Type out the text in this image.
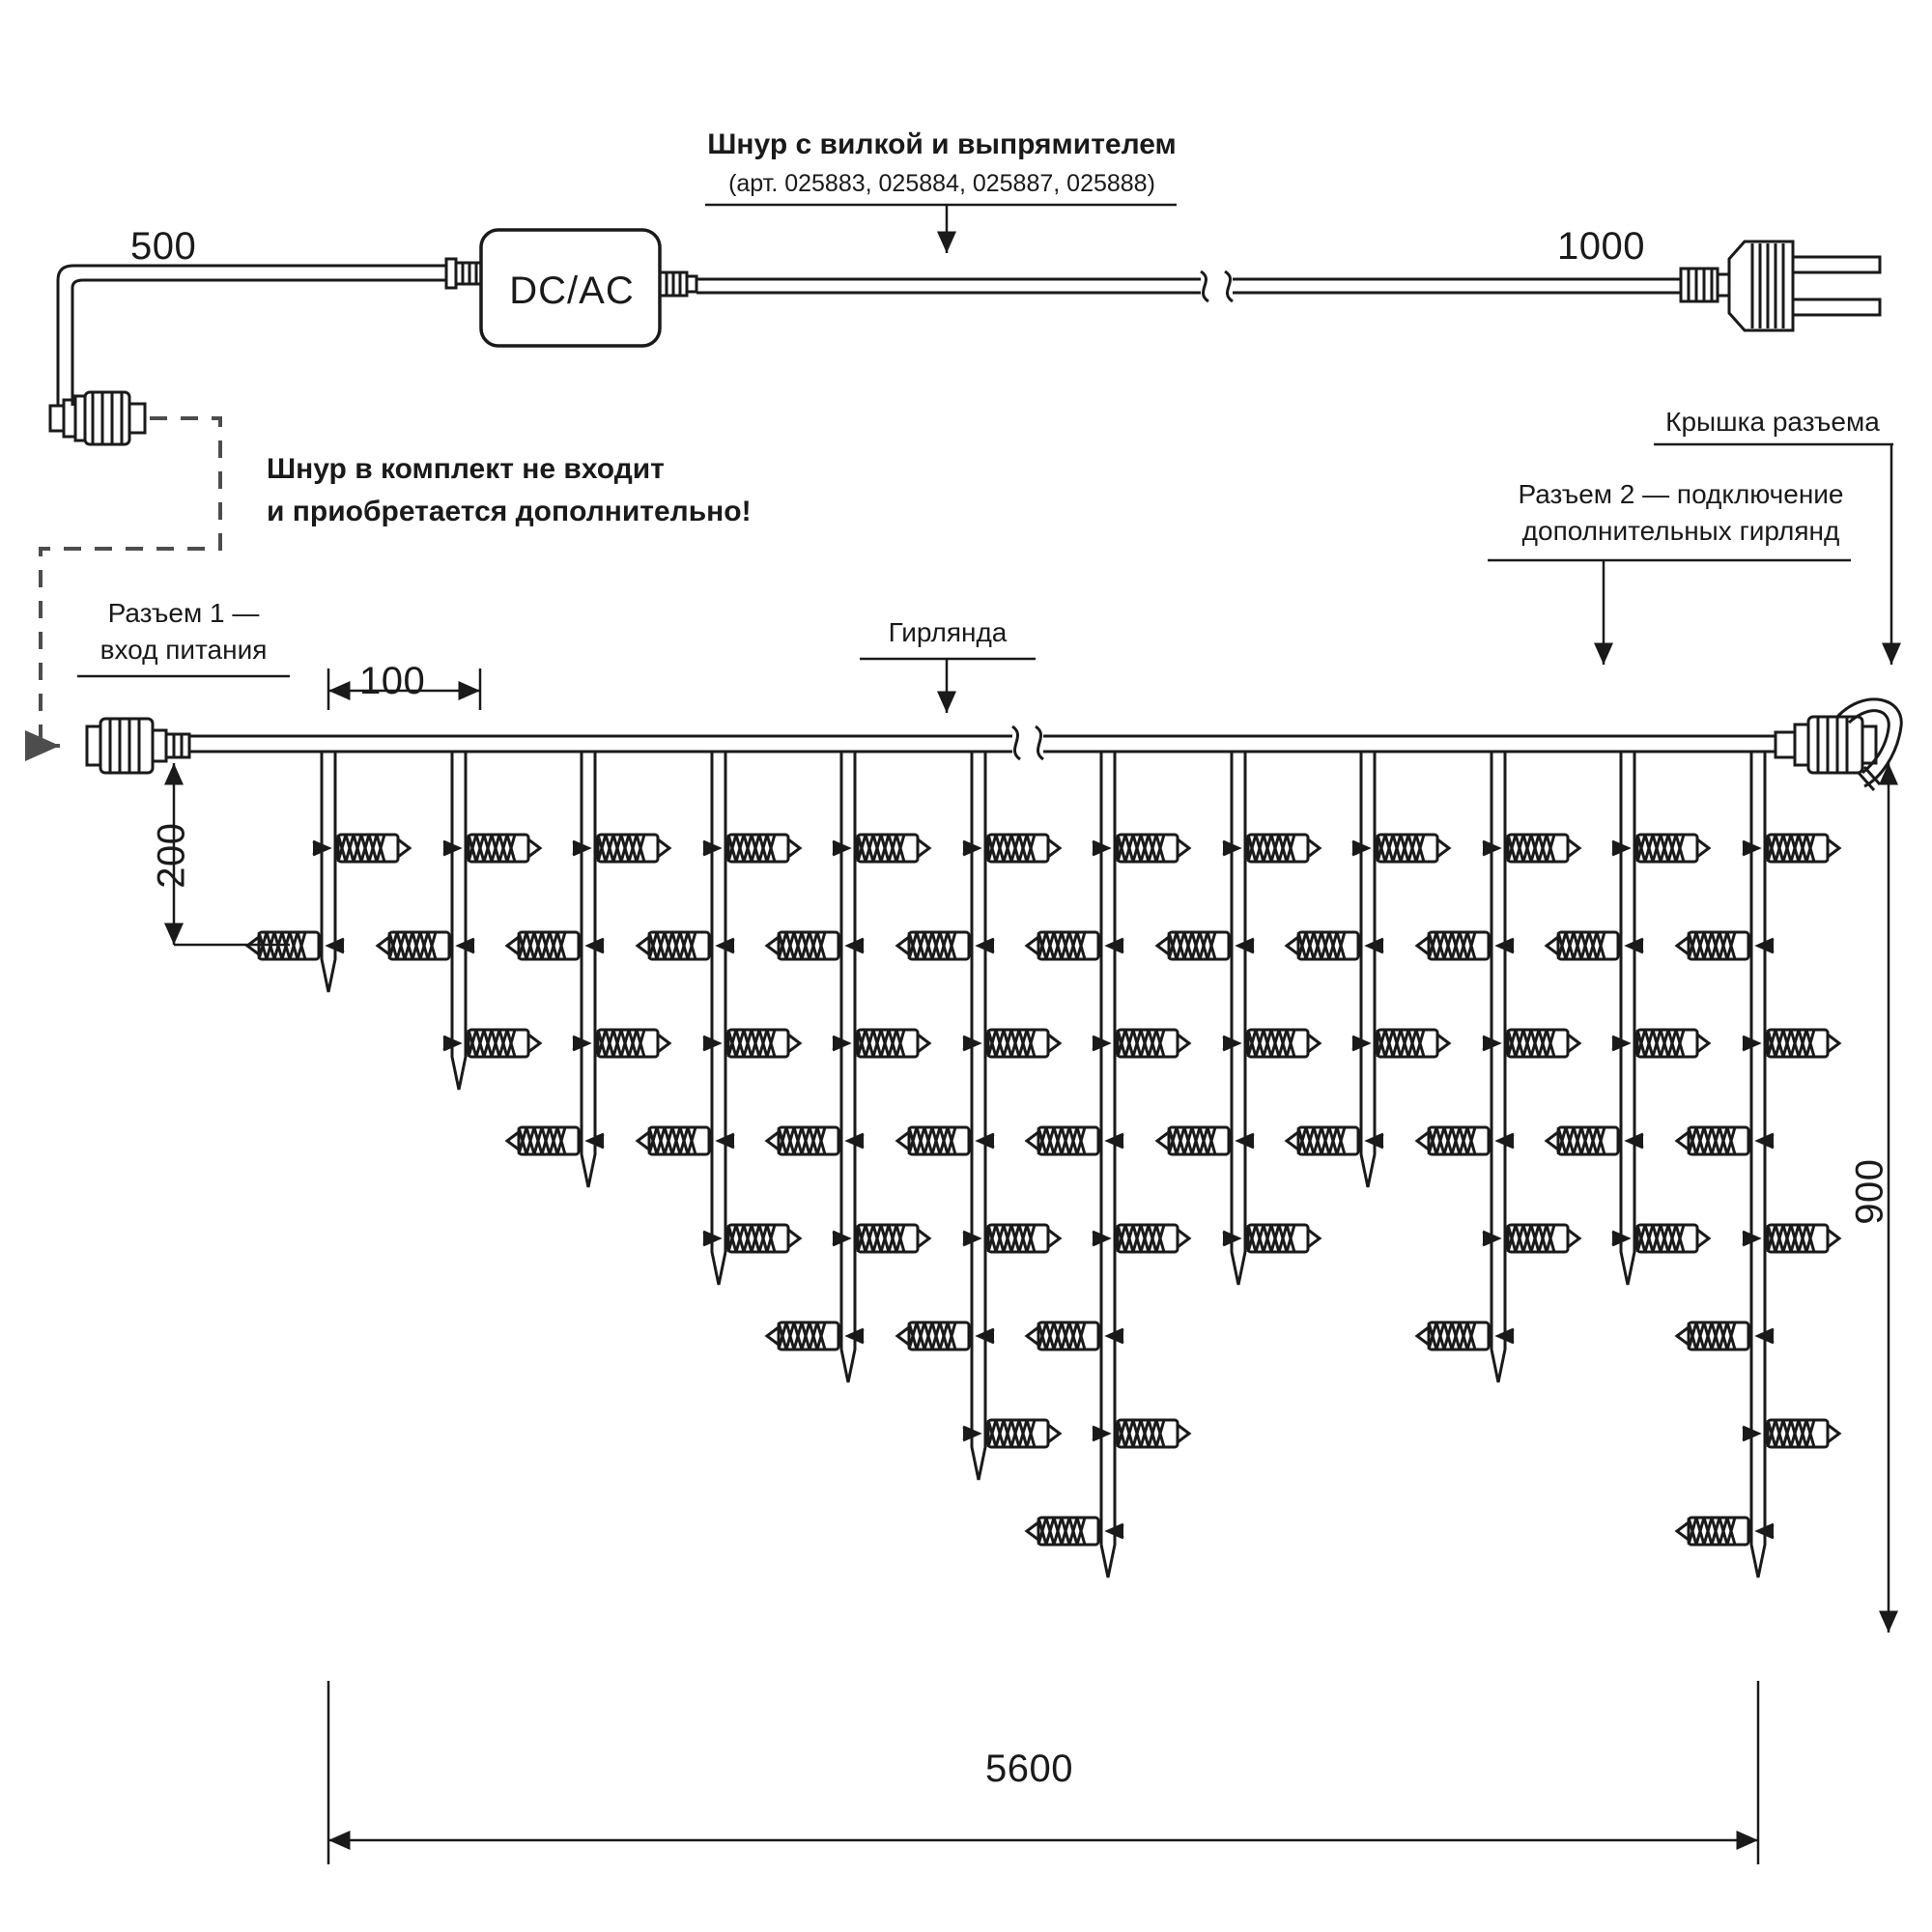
Шнур с вилкой и выпрямителем
(арт. 025883, 025884, 025887, 025888)
500	1000
DC/AC
Шнур в комплект не входит
и приобретается дополнительно!
Крышка разъема
Разъем 2 — подключение
дополнительных гирлянд
Гирлянда
Разъем 1 —
вход питания
100
200
900
5600
